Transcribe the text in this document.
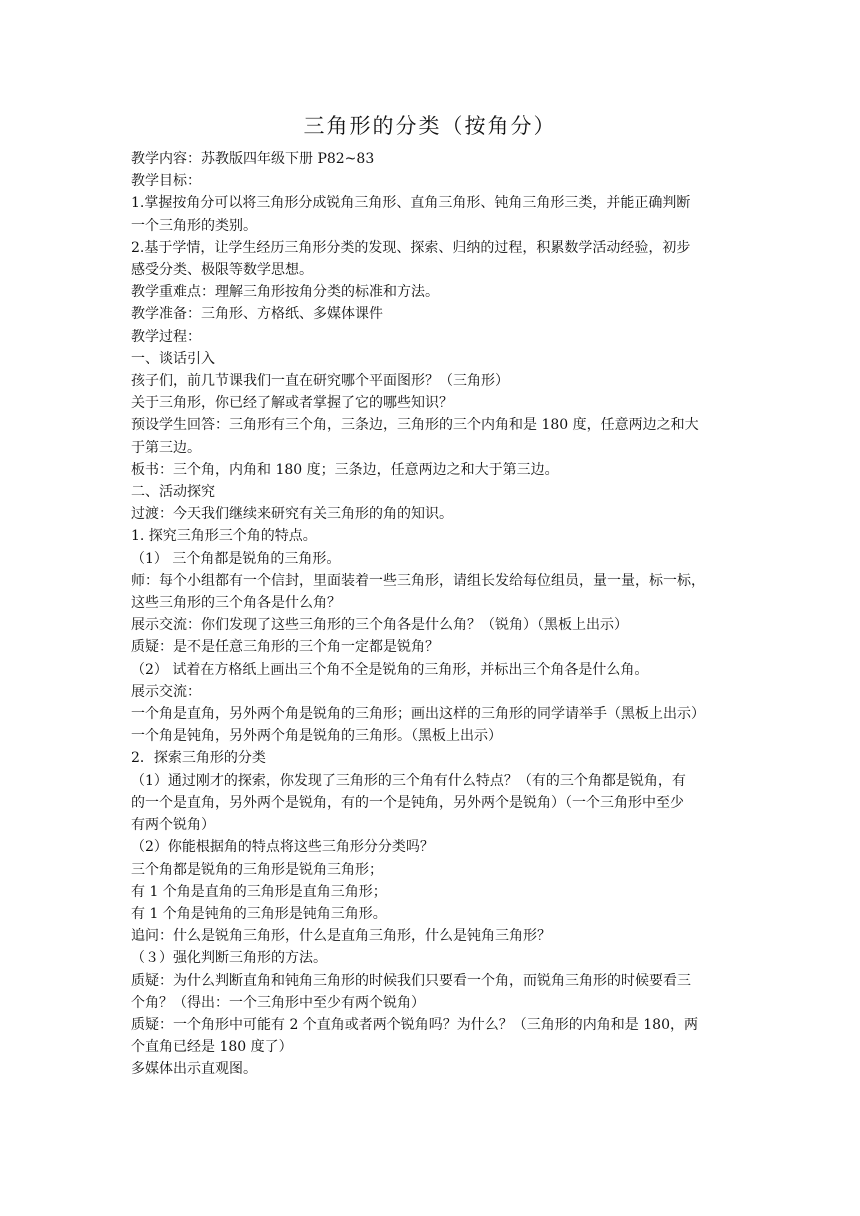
三角形的分类（按角分）
教学内容：苏教版四年级下册 P82~83
教学目标：
1.掌握按角分可以将三角形分成锐角三角形、直角三角形、钝角三角形三类，并能正确判断
一个三角形的类别。
2.基于学情，让学生经历三角形分类的发现、探索、归纳的过程，积累数学活动经验，初步
感受分类、极限等数学思想。
教学重难点：理解三角形按角分类的标准和方法。
教学准备：三角形、方格纸、多媒体课件
教学过程：
一、谈话引入
孩子们，前几节课我们一直在研究哪个平面图形？（三角形）
关于三角形，你已经了解或者掌握了它的哪些知识？
预设学生回答：三角形有三个角，三条边，三角形的三个内角和是 180 度，任意两边之和大
于第三边。
板书：三个角，内角和 180 度；三条边，任意两边之和大于第三边。
二、活动探究
过渡：今天我们继续来研究有关三角形的角的知识。
1. 探究三角形三个角的特点。
（1） 三个角都是锐角的三角形。
师：每个小组都有一个信封，里面装着一些三角形，请组长发给每位组员，量一量，标一标，
这些三角形的三个角各是什么角？
展示交流：你们发现了这些三角形的三个角各是什么角？（锐角）（黑板上出示）
质疑：是不是任意三角形的三个角一定都是锐角？
（2） 试着在方格纸上画出三个角不全是锐角的三角形，并标出三个角各是什么角。
展示交流：
一个角是直角，另外两个角是锐角的三角形；画出这样的三角形的同学请举手（黑板上出示）
一个角是钝角，另外两个角是锐角的三角形。（黑板上出示）
2．探索三角形的分类
（1）通过刚才的探索，你发现了三角形的三个角有什么特点？（有的三个角都是锐角，有
的一个是直角，另外两个是锐角，有的一个是钝角，另外两个是锐角）（一个三角形中至少
有两个锐角）
（2）你能根据角的特点将这些三角形分分类吗？
三个角都是锐角的三角形是锐角三角形；
有 1 个角是直角的三角形是直角三角形；
有 1 个角是钝角的三角形是钝角三角形。
追问：什么是锐角三角形，什么是直角三角形，什么是钝角三角形？
（３）强化判断三角形的方法。
质疑：为什么判断直角和钝角三角形的时候我们只要看一个角，而锐角三角形的时候要看三
个角？（得出：一个三角形中至少有两个锐角）
质疑：一个角形中可能有 2 个直角或者两个锐角吗？为什么？（三角形的内角和是 180，两
个直角已经是 180 度了）
多媒体出示直观图。
